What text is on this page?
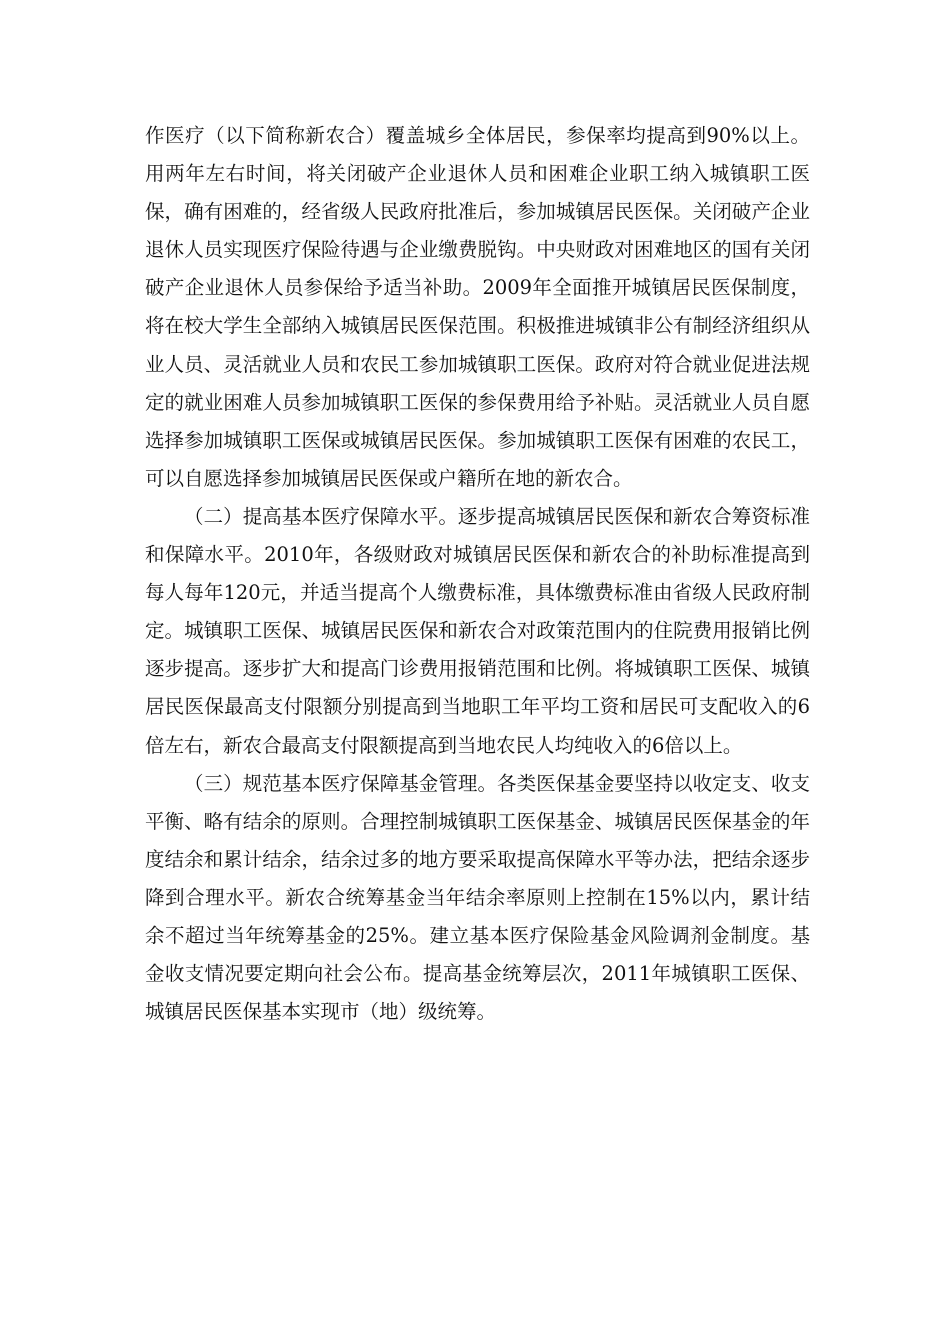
作医疗（以下简称新农合）覆盖城乡全体居民，参保率均提高到90%以上。用两年左右时间，将关闭破产企业退休人员和困难企业职工纳入城镇职工医保，确有困难的，经省级人民政府批准后，参加城镇居民医保。关闭破产企业退休人员实现医疗保险待遇与企业缴费脱钩。中央财政对困难地区的国有关闭破产企业退休人员参保给予适当补助。2009年全面推开城镇居民医保制度，将在校大学生全部纳入城镇居民医保范围。积极推进城镇非公有制经济组织从业人员、灵活就业人员和农民工参加城镇职工医保。政府对符合就业促进法规定的就业困难人员参加城镇职工医保的参保费用给予补贴。灵活就业人员自愿选择参加城镇职工医保或城镇居民医保。参加城镇职工医保有困难的农民工，可以自愿选择参加城镇居民医保或户籍所在地的新农合。

（二）提高基本医疗保障水平。逐步提高城镇居民医保和新农合筹资标准和保障水平。2010年，各级财政对城镇居民医保和新农合的补助标准提高到每人每年120元，并适当提高个人缴费标准，具体缴费标准由省级人民政府制定。城镇职工医保、城镇居民医保和新农合对政策范围内的住院费用报销比例逐步提高。逐步扩大和提高门诊费用报销范围和比例。将城镇职工医保、城镇居民医保最高支付限额分别提高到当地职工年平均工资和居民可支配收入的6倍左右，新农合最高支付限额提高到当地农民人均纯收入的6倍以上。

（三）规范基本医疗保障基金管理。各类医保基金要坚持以收定支、收支平衡、略有结余的原则。合理控制城镇职工医保基金、城镇居民医保基金的年度结余和累计结余，结余过多的地方要采取提高保障水平等办法，把结余逐步降到合理水平。新农合统筹基金当年结余率原则上控制在15%以内，累计结余不超过当年统筹基金的25%。建立基本医疗保险基金风险调剂金制度。基金收支情况要定期向社会公布。提高基金统筹层次，2011年城镇职工医保、城镇居民医保基本实现市（地）级统筹。
